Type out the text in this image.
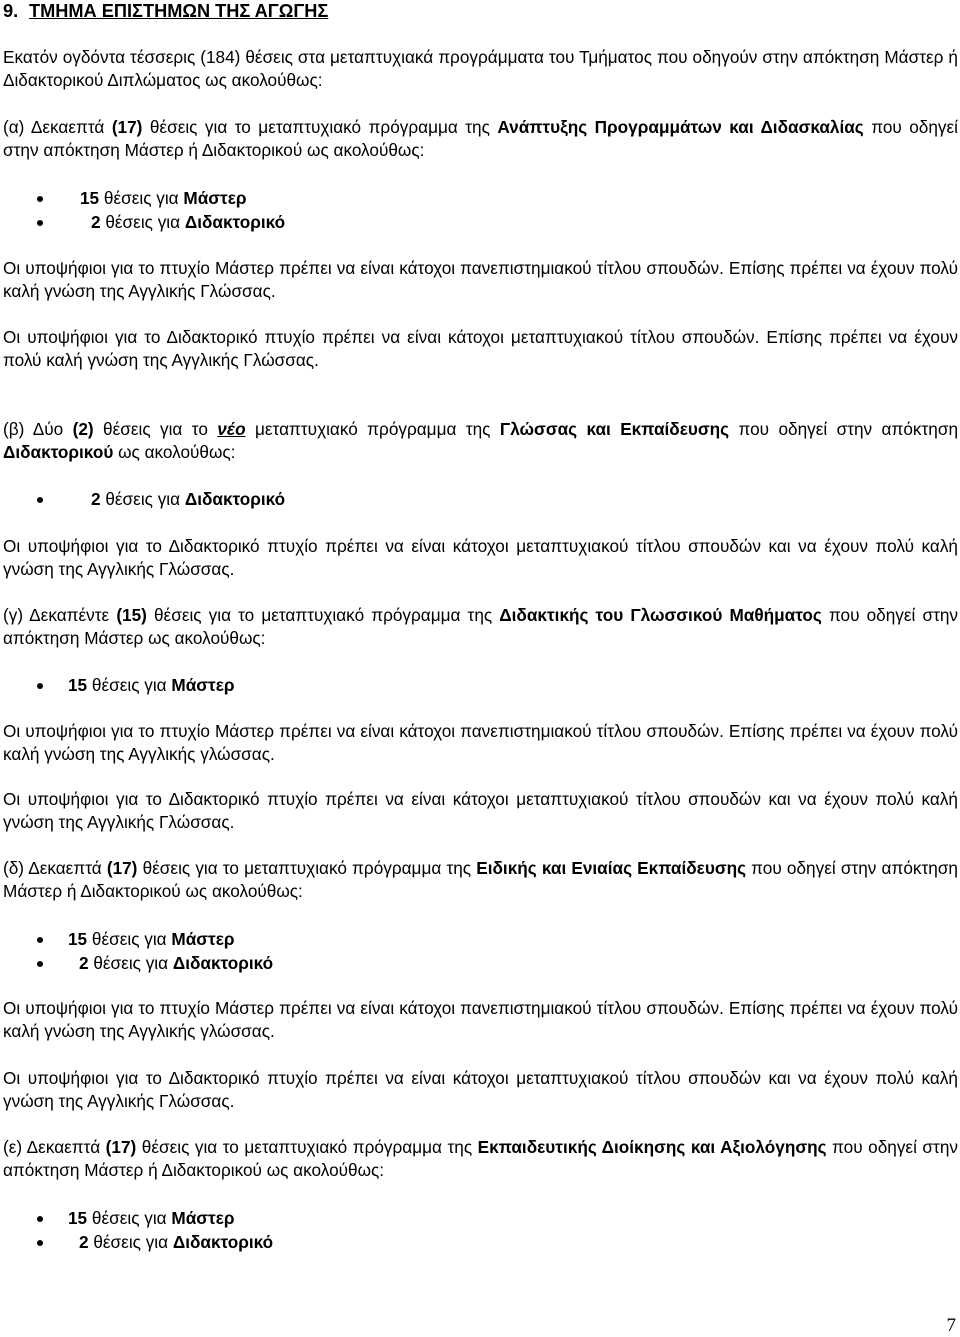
9. ΤΜΗΜΑ ΕΠΙΣΤΗΜΩΝ ΤΗΣ ΑΓΩΓΗΣ

Εκατόν ογδόντα τέσσερις (184) θέσεις στα μεταπτυχιακά προγράμματα του Τμήματος που οδηγούν στην απόκτηση Μάστερ ή Διδακτορικού Διπλώματος ως ακολούθως:

(α) Δεκαεπτά (17) θέσεις για το μεταπτυχιακό πρόγραμμα της Ανάπτυξης Προγραμμάτων και Διδασκαλίας που οδηγεί στην απόκτηση Μάστερ ή Διδακτορικού ως ακολούθως:

15 θέσεις για Μάστερ
2 θέσεις για Διδακτορικό

Οι υποψήφιοι για το πτυχίο Μάστερ πρέπει να είναι κάτοχοι πανεπιστημιακού τίτλου σπουδών. Επίσης πρέπει να έχουν πολύ καλή γνώση της Αγγλικής Γλώσσας.

Οι υποψήφιοι για το Διδακτορικό πτυχίο πρέπει να είναι κάτοχοι μεταπτυχιακού τίτλου σπουδών. Επίσης πρέπει να έχουν πολύ καλή γνώση της Αγγλικής Γλώσσας.

(β) Δύο (2) θέσεις για το νέο μεταπτυχιακό πρόγραμμα της Γλώσσας και Εκπαίδευσης που οδηγεί στην απόκτηση Διδακτορικού ως ακολούθως:

2 θέσεις για Διδακτορικό

Οι υποψήφιοι για το Διδακτορικό πτυχίο πρέπει να είναι κάτοχοι μεταπτυχιακού τίτλου σπουδών και να έχουν πολύ καλή γνώση της Αγγλικής Γλώσσας.

(γ) Δεκαπέντε (15) θέσεις για το μεταπτυχιακό πρόγραμμα της Διδακτικής του Γλωσσικού Μαθήματος που οδηγεί στην απόκτηση Μάστερ ως ακολούθως:

15 θέσεις για Μάστερ

Οι υποψήφιοι για το πτυχίο Μάστερ πρέπει να είναι κάτοχοι πανεπιστημιακού τίτλου σπουδών. Επίσης πρέπει να έχουν πολύ καλή γνώση της Αγγλικής γλώσσας.

Οι υποψήφιοι για το Διδακτορικό πτυχίο πρέπει να είναι κάτοχοι μεταπτυχιακού τίτλου σπουδών και να έχουν πολύ καλή γνώση της Αγγλικής Γλώσσας.

(δ) Δεκαεπτά (17) θέσεις για το μεταπτυχιακό πρόγραμμα της Ειδικής και Ενιαίας Εκπαίδευσης που οδηγεί στην απόκτηση Μάστερ ή Διδακτορικού ως ακολούθως:

15 θέσεις για Μάστερ
2 θέσεις για Διδακτορικό

Οι υποψήφιοι για το πτυχίο Μάστερ πρέπει να είναι κάτοχοι πανεπιστημιακού τίτλου σπουδών. Επίσης πρέπει να έχουν πολύ καλή γνώση της Αγγλικής γλώσσας.

Οι υποψήφιοι για το Διδακτορικό πτυχίο πρέπει να είναι κάτοχοι μεταπτυχιακού τίτλου σπουδών και να έχουν πολύ καλή γνώση της Αγγλικής Γλώσσας.

(ε) Δεκαεπτά (17) θέσεις για το μεταπτυχιακό πρόγραμμα της Εκπαιδευτικής Διοίκησης και Αξιολόγησης που οδηγεί στην απόκτηση Μάστερ ή Διδακτορικού ως ακολούθως:

15 θέσεις για Μάστερ
2 θέσεις για Διδακτορικό
7
